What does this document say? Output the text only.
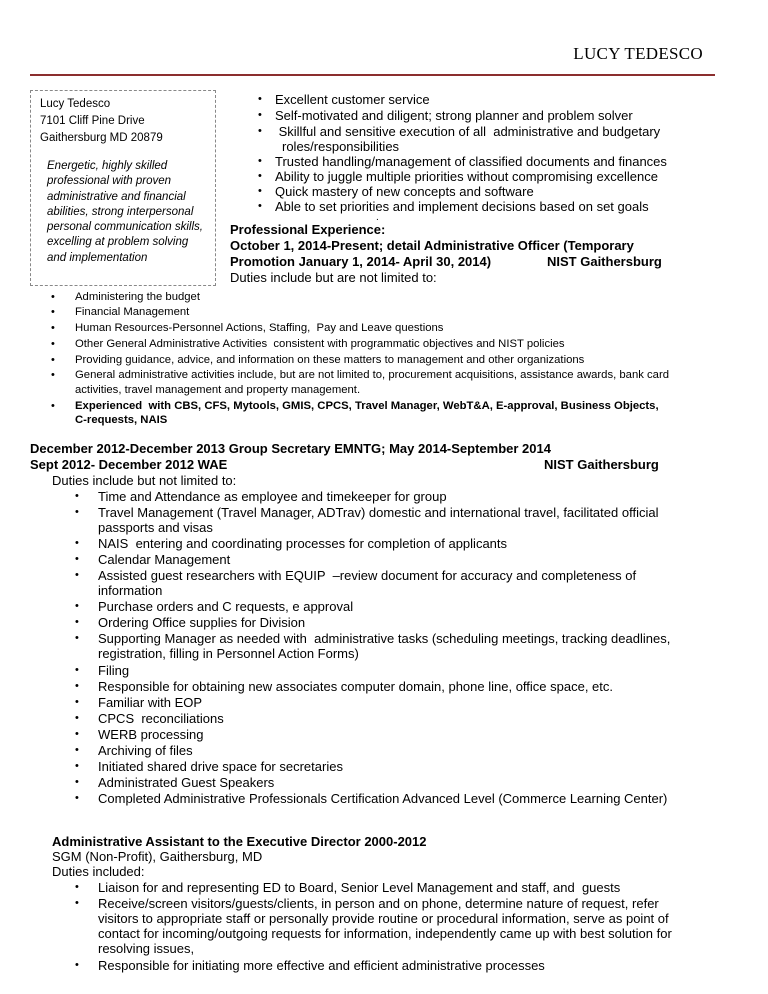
LUCY TEDESCO
Lucy Tedesco
7101 Cliff Pine Drive
Gaithersburg MD 20879
Energetic, highly skilled
professional with proven
administrative and financial
abilities, strong interpersonal
personal communication skills,
excelling at problem solving
and implementation
• Excellent customer service
• Self-motivated and diligent; strong planner and problem solver
• Skillful and sensitive execution of all  administrative and budgetary
roles/responsibilities
• Trusted handling/management of classified documents and finances
• Ability to juggle multiple priorities without compromising excellence
• Quick mastery of new concepts and software
• Able to set priorities and implement decisions based on set goals
.
Professional Experience:
October 1, 2014-Present; detail Administrative Officer (Temporary
Promotion January 1, 2014- April 30, 2014)	NIST Gaithersburg
Duties include but are not limited to:
• Administering the budget
• Financial Management
• Human Resources-Personnel Actions, Staffing,  Pay and Leave questions
• Other General Administrative Activities  consistent with programmatic objectives and NIST policies
• Providing guidance, advice, and information on these matters to management and other organizations
• General administrative activities include, but are not limited to, procurement acquisitions, assistance awards, bank card
activities, travel management and property management.
• Experienced  with CBS, CFS, Mytools, GMIS, CPCS, Travel Manager, WebT&A, E-approval, Business Objects,
C-requests, NAIS
December 2012-December 2013 Group Secretary EMNTG; May 2014-September 2014
Sept 2012- December 2012 WAE	NIST Gaithersburg
Duties include but not limited to:
• Time and Attendance as employee and timekeeper for group
• Travel Management (Travel Manager, ADTrav) domestic and international travel, facilitated official
passports and visas
• NAIS  entering and coordinating processes for completion of applicants
• Calendar Management
• Assisted guest researchers with EQUIP  –review document for accuracy and completeness of
information
• Purchase orders and C requests, e approval
• Ordering Office supplies for Division
• Supporting Manager as needed with  administrative tasks (scheduling meetings, tracking deadlines,
registration, filling in Personnel Action Forms)
• Filing
• Responsible for obtaining new associates computer domain, phone line, office space, etc.
• Familiar with EOP
• CPCS  reconciliations
• WERB processing
• Archiving of files
• Initiated shared drive space for secretaries
• Administrated Guest Speakers
• Completed Administrative Professionals Certification Advanced Level (Commerce Learning Center)
Administrative Assistant to the Executive Director 2000-2012
SGM (Non-Profit), Gaithersburg, MD
Duties included:
• Liaison for and representing ED to Board, Senior Level Management and staff, and  guests
• Receive/screen visitors/guests/clients, in person and on phone, determine nature of request, refer
visitors to appropriate staff or personally provide routine or procedural information, serve as point of
contact for incoming/outgoing requests for information, independently came up with best solution for
resolving issues,
• Responsible for initiating more effective and efficient administrative processes
